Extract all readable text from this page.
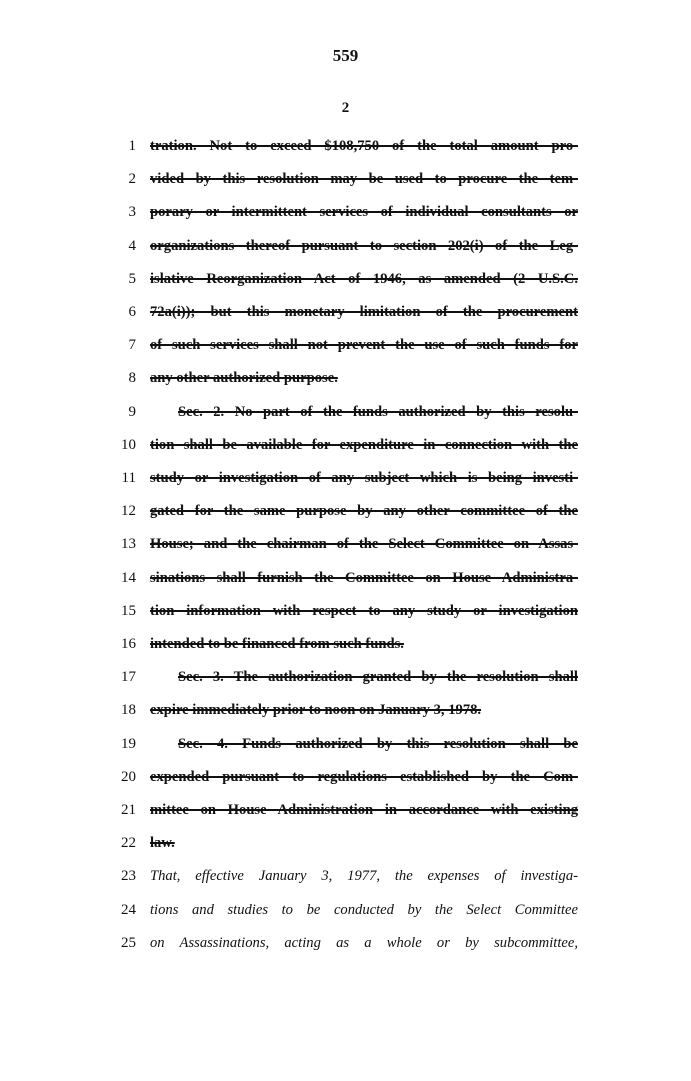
559
2
1
2
3
4
5
6
7
8
9
10
11
12
13
14
15
16
17
18
19
20
21
22
23
24
25
tration. Not to exceed $108,750 of the total amount pro-
vided by this resolution may be used to procure the tem-
porary or intermittent services of individual consultants or
organizations thereof pursuant to section 202(i) of the Leg-
islative Reorganization Act of 1946, as amended (2 U.S.C.
72a(i)); but this monetary limitation of the procurement
of such services shall not prevent the use of such funds for
any other authorized purpose.
Sec. 2. No part of the funds authorized by this resolu-
tion shall be available for expenditure in connection with the
study or investigation of any subject which is being investi-
gated for the same purpose by any other committee of the
House; and the chairman of the Select Committee on Assas-
sinations shall furnish the Committee on House Administra-
tion information with respect to any study or investigation
intended to be financed from such funds.
Sec. 3. The authorization granted by the resolution shall
expire immediately prior to noon on January 3, 1978.
Sec. 4. Funds authorized by this resolution shall be
expended pursuant to regulations established by the Com-
mittee on House Administration in accordance with existing
law.
That, effective January 3, 1977, the expenses of investiga-
tions and studies to be conducted by the Select Committee
on Assassinations, acting as a whole or by subcommittee,
